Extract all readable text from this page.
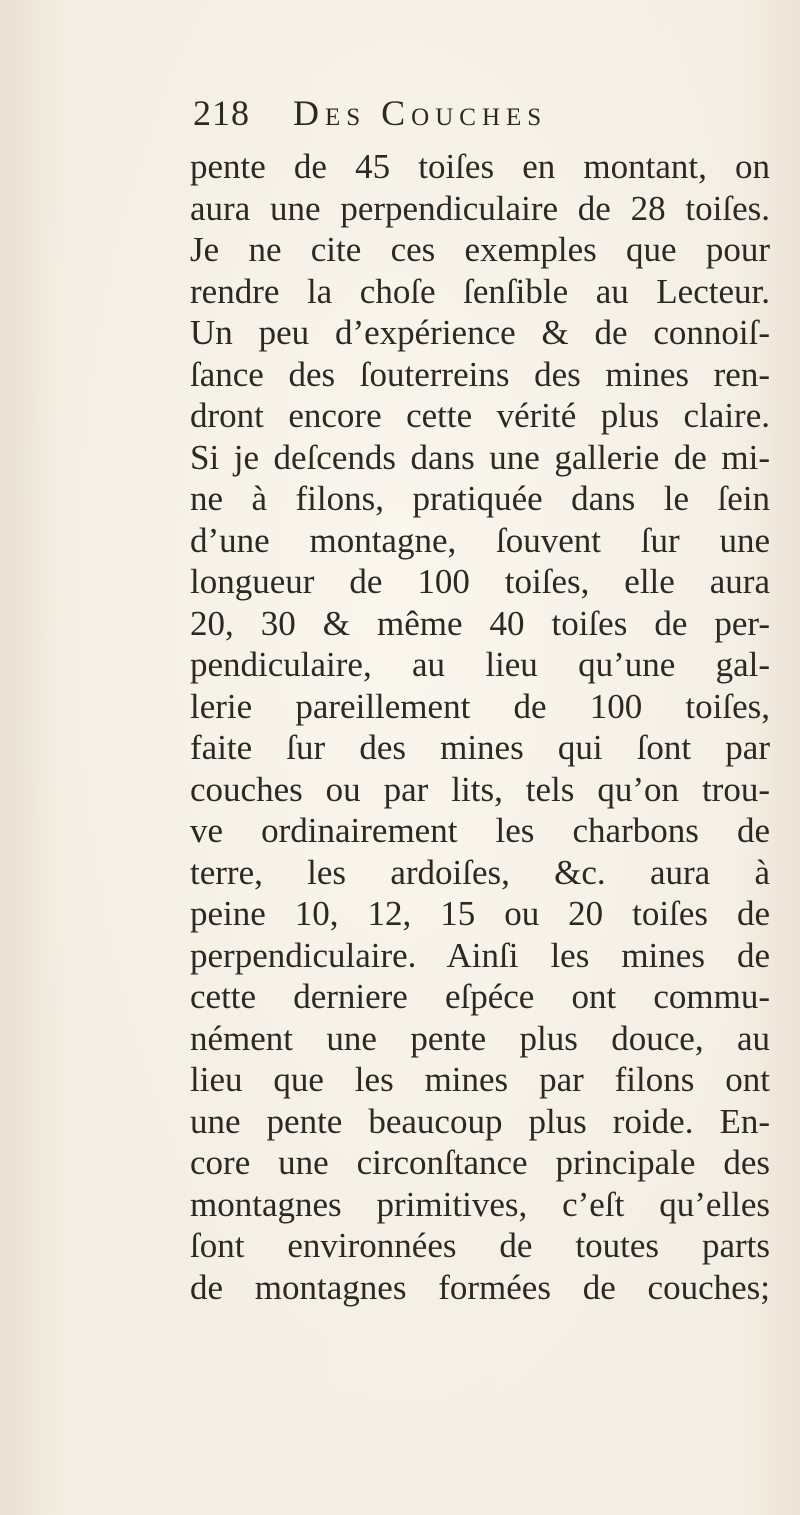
218	Des Couches
pente de 45 toiſes en montant, on
aura une perpendiculaire de 28 toiſes.
Je ne cite ces exemples que pour
rendre la choſe ſenſible au Lecteur.
Un peu d’expérience & de connoiſ-
ſance des ſouterreins des mines ren-
dront encore cette vérité plus claire.
Si je deſcends dans une gallerie de mi-
ne à filons, pratiquée dans le ſein
d’une montagne, ſouvent ſur une
longueur de 100 toiſes, elle aura
20, 30 & même 40 toiſes de per-
pendiculaire, au lieu qu’une gal-
lerie pareillement de 100 toiſes,
faite ſur des mines qui ſont par
couches ou par lits, tels qu’on trou-
ve ordinairement les charbons de
terre, les ardoiſes, &c. aura à
peine 10, 12, 15 ou 20 toiſes de
perpendiculaire. Ainſi les mines de
cette derniere eſpéce ont commu-
nément une pente plus douce, au
lieu que les mines par filons ont
une pente beaucoup plus roide. En-
core une circonſtance principale des
montagnes primitives, c’eſt qu’elles
ſont environnées de toutes parts
de montagnes formées de couches;
